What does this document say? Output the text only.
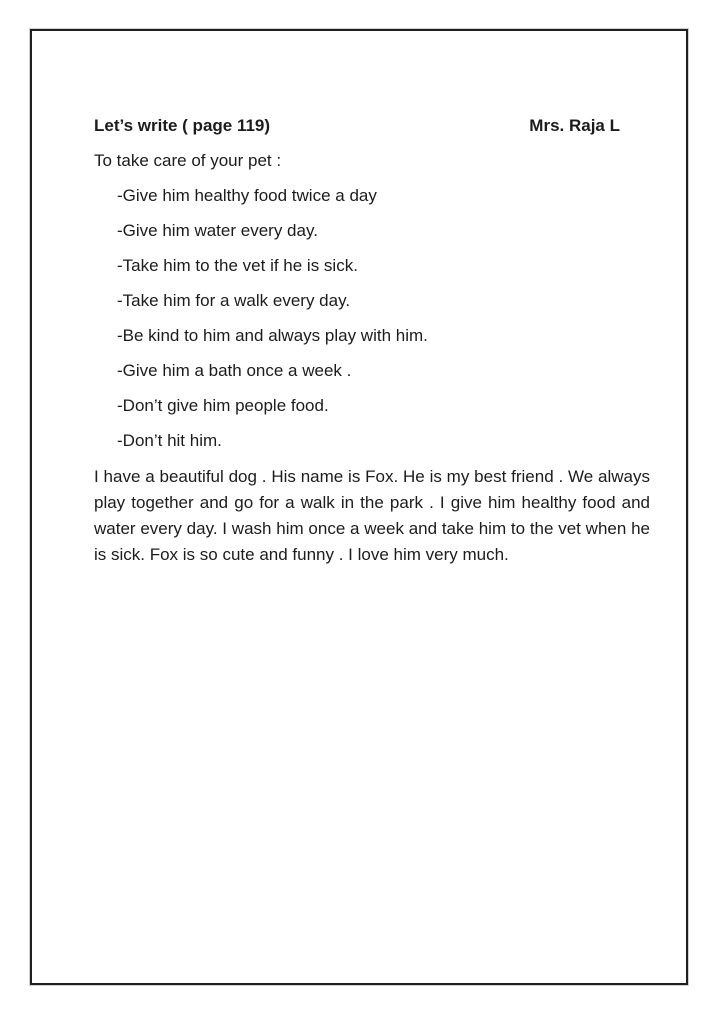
Let’s write ( page 119)	Mrs. Raja L
To take care of your pet :
-Give him healthy food twice a day
-Give him water every day.
-Take him to the vet if he is sick.
-Take him for a walk every day.
-Be kind to him and always play with him.
-Give him a bath once a week .
-Don’t give him people food.
-Don’t hit him.
I have a beautiful dog . His name is Fox. He is my best friend . We always play together and go for a walk in the park . I give him healthy food and water every day. I wash him once a week and take him to the vet when he is sick. Fox is so cute and funny . I love him very much.
